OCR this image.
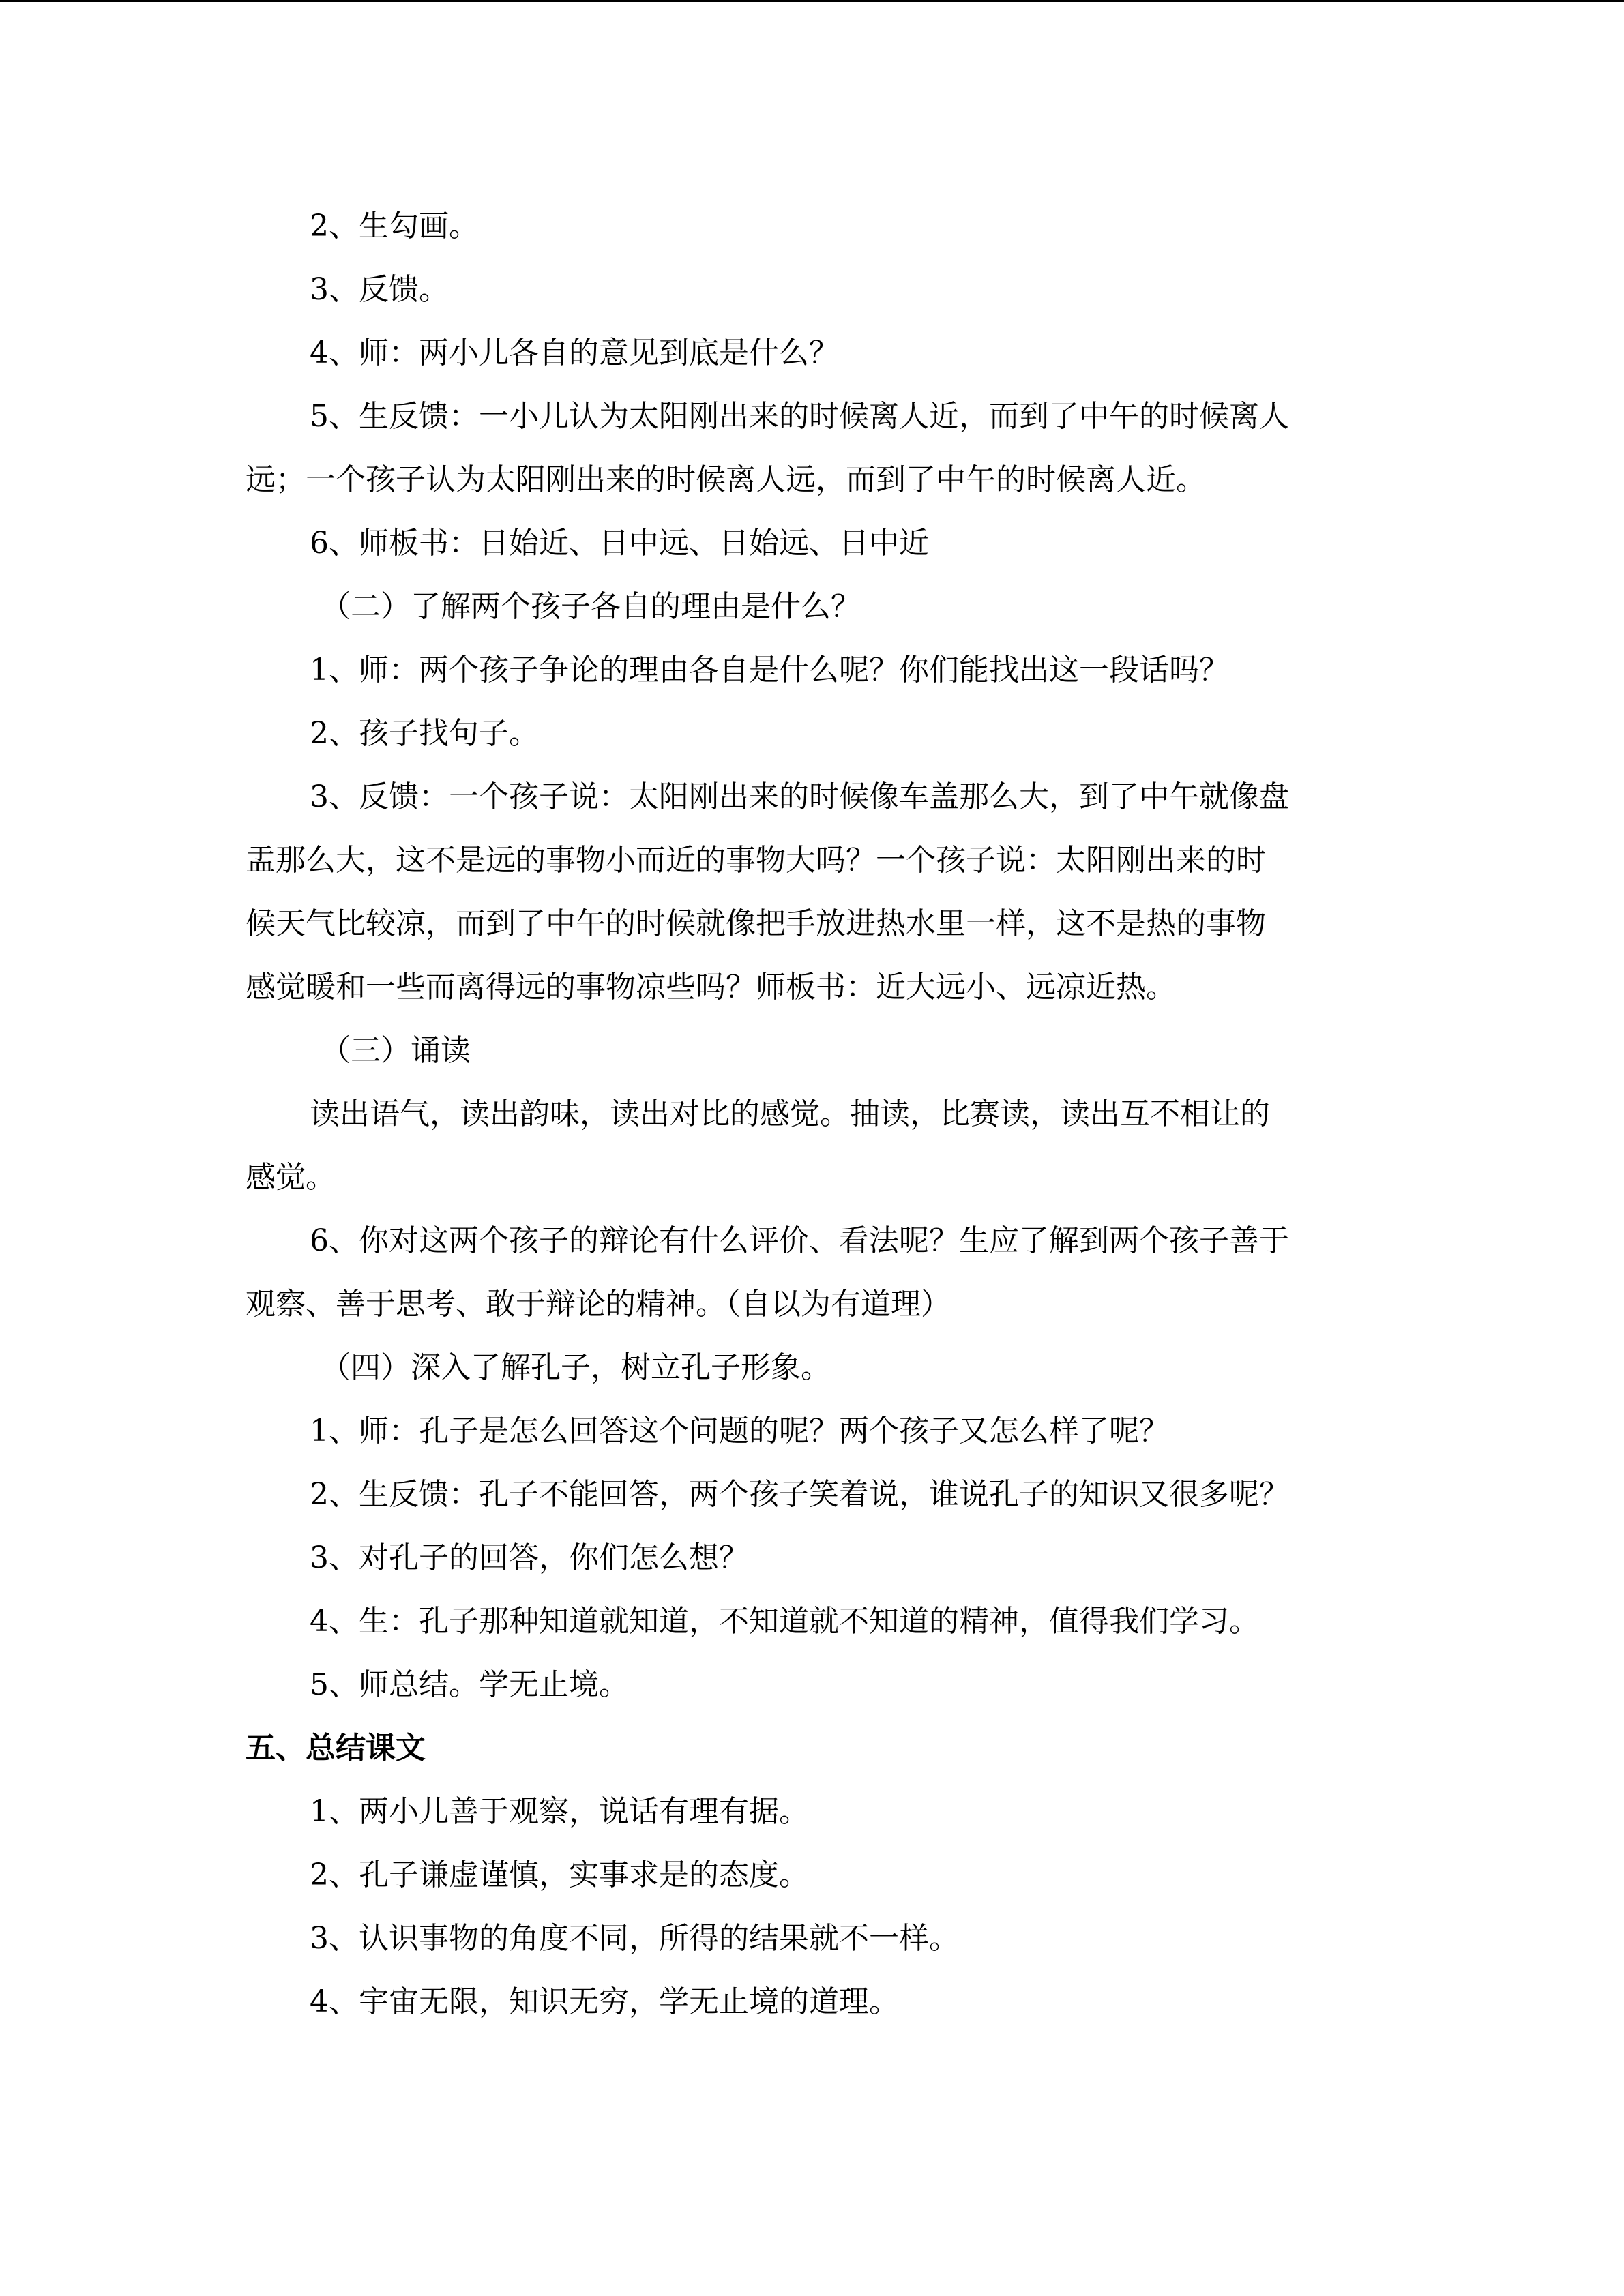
2、生勾画。

3、反馈。

4、师：两小儿各自的意见到底是什么？

5、生反馈：一小儿认为太阳刚出来的时候离人近，而到了中午的时候离人

远；一个孩子认为太阳刚出来的时候离人远，而到了中午的时候离人近。

6、师板书：日始近、日中远、日始远、日中近

（二）了解两个孩子各自的理由是什么？

1、师：两个孩子争论的理由各自是什么呢？你们能找出这一段话吗？

2、孩子找句子。

3、反馈：一个孩子说：太阳刚出来的时候像车盖那么大，到了中午就像盘

盂那么大，这不是远的事物小而近的事物大吗？一个孩子说：太阳刚出来的时

候天气比较凉，而到了中午的时候就像把手放进热水里一样，这不是热的事物

感觉暖和一些而离得远的事物凉些吗？师板书：近大远小、远凉近热。

（三）诵读

读出语气，读出韵味，读出对比的感觉。抽读，比赛读，读出互不相让的

感觉。

6、你对这两个孩子的辩论有什么评价、看法呢？生应了解到两个孩子善于

观察、善于思考、敢于辩论的精神。（自以为有道理）

（四）深入了解孔子，树立孔子形象。

1、师：孔子是怎么回答这个问题的呢？两个孩子又怎么样了呢？

2、生反馈：孔子不能回答，两个孩子笑着说，谁说孔子的知识又很多呢？

3、对孔子的回答，你们怎么想？

4、生：孔子那种知道就知道，不知道就不知道的精神，值得我们学习。

5、师总结。学无止境。

五、总结课文

1、两小儿善于观察，说话有理有据。

2、孔子谦虚谨慎，实事求是的态度。

3、认识事物的角度不同，所得的结果就不一样。

4、宇宙无限，知识无穷，学无止境的道理。
